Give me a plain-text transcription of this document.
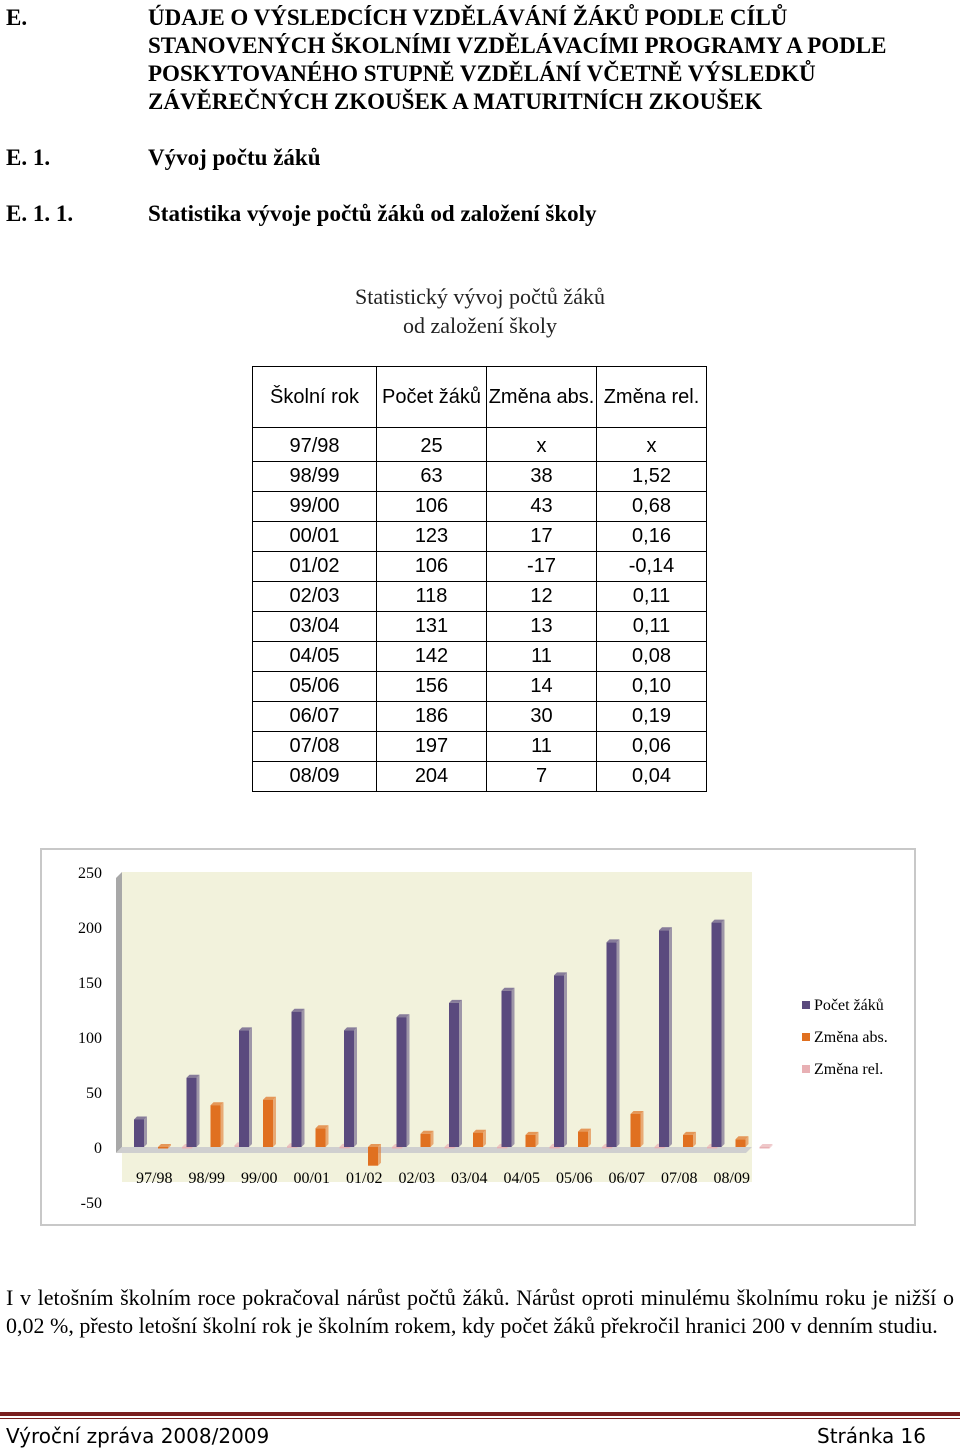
E.	ÚDAJE O VÝSLEDCÍCH VZDĚLÁVÁNÍ ŽÁKŮ PODLE CÍLŮ STANOVENÝCH ŠKOLNÍMI VZDĚLÁVACÍMI PROGRAMY A PODLE POSKYTOVANÉHO STUPNĚ VZDĚLÁNÍ VČETNĚ VÝSLEDKŮ ZÁVĚREČNÝCH ZKOUŠEK A MATURITNÍCH ZKOUŠEK
E. 1.	Vývoj počtu žáků
E. 1. 1.	Statistika vývoje počtů žáků od založení školy
Statistický vývoj počtů žáků
od založení školy
Školní rok	Počet žáků	Změna abs.	Změna rel.
97/98	25	x	x
98/99	63	38	1,52
99/00	106	43	0,68
00/01	123	17	0,16
01/02	106	-17	-0,14
02/03	118	12	0,11
03/04	131	13	0,11
04/05	142	11	0,08
05/06	156	14	0,10
06/07	186	30	0,19
07/08	197	11	0,06
08/09	204	7	0,04
250
200
150
100
50
0
-50
97/98 98/99 99/00 00/01 01/02 02/03 03/04 04/05 05/06 06/07 07/08 08/09
Počet žáků
Změna abs.
Změna rel.
I v letošním školním roce pokračoval nárůst počtů žáků. Nárůst oproti minulému školnímu roku je nižší o 0,02 %, přesto letošní školní rok je školním rokem, kdy počet žáků překročil hranici 200 v denním studiu.
Výroční zpráva 2008/2009	Stránka 16
